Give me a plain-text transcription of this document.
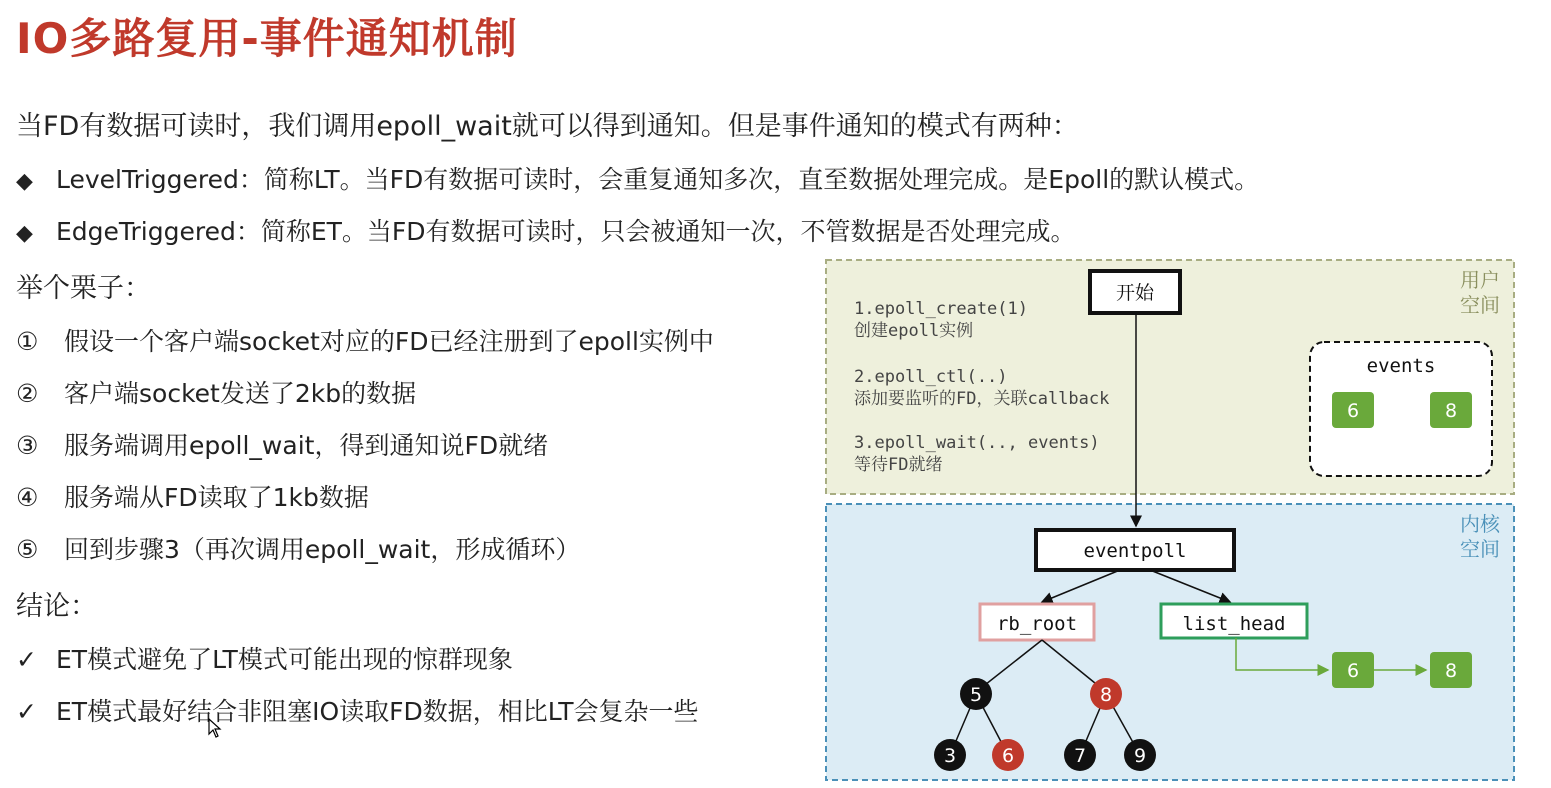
IO多路复用-事件通知机制
当FD有数据可读时，我们调用epoll_wait就可以得到通知。但是事件通知的模式有两种：
◆ LevelTriggered：简称LT。当FD有数据可读时，会重复通知多次，直至数据处理完成。是Epoll的默认模式。
◆ EdgeTriggered：简称ET。当FD有数据可读时，只会被通知一次，不管数据是否处理完成。
举个栗子：
① 假设一个客户端socket对应的FD已经注册到了epoll实例中
② 客户端socket发送了2kb的数据
③ 服务端调用epoll_wait，得到通知说FD就绪
④ 服务端从FD读取了1kb数据
⑤ 回到步骤3（再次调用epoll_wait，形成循环）
结论：
✓ ET模式避免了LT模式可能出现的惊群现象
✓ ET模式最好结合非阻塞IO读取FD数据，相比LT会复杂一些
用户
空间
内核
空间
开始
1.epoll_create(1)
创建epoll实例
2.epoll_ctl(..)
添加要监听的FD，关联callback
3.epoll_wait(.., events)
等待FD就绪
events
6	8
eventpoll
rb_root	list_head
6	8
5	8
3 6	7	9
